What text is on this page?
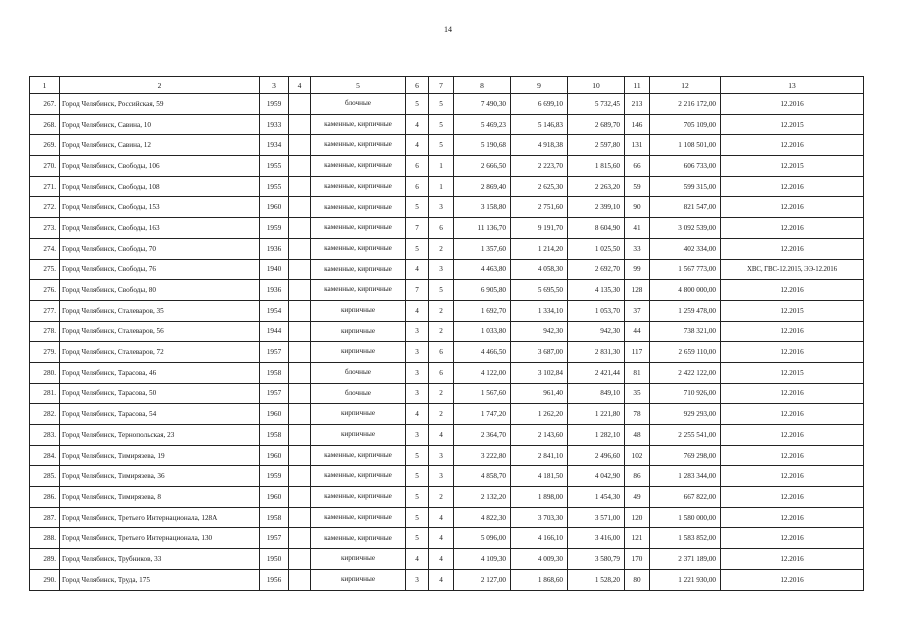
14
1	2	3	4	5	6	7	8	9	10	11	12	13
267.	Город Челябинск, Российская, 59	1959		блочные	5	5	7 490,30	6 699,10	5 732,45	213	2 216 172,00	12.2016
268.	Город Челябинск, Савина, 10	1933		каменные, кирпичные	4	5	5 469,23	5 146,83	2 689,70	146	705 109,00	12.2015
269.	Город Челябинск, Савина, 12	1934		каменные, кирпичные	4	5	5 190,68	4 918,38	2 597,80	131	1 108 501,00	12.2016
270.	Город Челябинск, Свободы, 106	1955		каменные, кирпичные	6	1	2 666,50	2 223,70	1 815,60	66	606 733,00	12.2015
271.	Город Челябинск, Свободы, 108	1955		каменные, кирпичные	6	1	2 869,40	2 625,30	2 263,20	59	599 315,00	12.2016
272.	Город Челябинск, Свободы, 153	1960		каменные, кирпичные	5	3	3 158,80	2 751,60	2 399,10	90	821 547,00	12.2016
273.	Город Челябинск, Свободы, 163	1959		каменные, кирпичные	7	6	11 136,70	9 191,70	8 604,90	41	3 092 539,00	12.2016
274.	Город Челябинск, Свободы, 70	1936		каменные, кирпичные	5	2	1 357,60	1 214,20	1 025,50	33	402 334,00	12.2016
275.	Город Челябинск, Свободы, 76	1940		каменные, кирпичные	4	3	4 463,80	4 058,30	2 692,70	99	1 567 773,00	ХВС, ГВС-12.2015, ЭЭ-12.2016
276.	Город Челябинск, Свободы, 80	1936		каменные, кирпичные	7	5	6 905,80	5 695,50	4 135,30	128	4 800 000,00	12.2016
277.	Город Челябинск, Сталеваров, 35	1954		кирпичные	4	2	1 692,70	1 334,10	1 053,70	37	1 259 478,00	12.2015
278.	Город Челябинск, Сталеваров, 56	1944		кирпичные	3	2	1 033,80	942,30	942,30	44	738 321,00	12.2016
279.	Город Челябинск, Сталеваров, 72	1957		кирпичные	3	6	4 466,50	3 687,00	2 831,30	117	2 659 110,00	12.2016
280.	Город Челябинск, Тарасова, 46	1958		блочные	3	6	4 122,00	3 102,84	2 421,44	81	2 422 122,00	12.2015
281.	Город Челябинск, Тарасова, 50	1957		блочные	3	2	1 567,60	961,40	849,10	35	710 926,00	12.2016
282.	Город Челябинск, Тарасова, 54	1960		кирпичные	4	2	1 747,20	1 262,20	1 221,80	78	929 293,00	12.2016
283.	Город Челябинск, Тернопольская, 23	1958		кирпичные	3	4	2 364,70	2 143,60	1 282,10	48	2 255 541,00	12.2016
284.	Город Челябинск, Тимирязева, 19	1960		каменные, кирпичные	5	3	3 222,80	2 841,10	2 496,60	102	769 298,00	12.2016
285.	Город Челябинск, Тимирязева, 36	1959		каменные, кирпичные	5	3	4 858,70	4 181,50	4 042,90	86	1 283 344,00	12.2016
286.	Город Челябинск, Тимирязева, 8	1960		каменные, кирпичные	5	2	2 132,20	1 898,00	1 454,30	49	667 822,00	12.2016
287.	Город Челябинск, Третьего Интернационала, 128А	1958		каменные, кирпичные	5	4	4 822,30	3 703,30	3 571,00	120	1 580 000,00	12.2016
288.	Город Челябинск, Третьего Интернационала, 130	1957		каменные, кирпичные	5	4	5 096,00	4 166,10	3 416,00	121	1 583 852,00	12.2016
289.	Город Челябинск, Трубников, 33	1950		кирпичные	4	4	4 109,30	4 009,30	3 580,79	170	2 371 189,00	12.2016
290.	Город Челябинск, Труда, 175	1956		кирпичные	3	4	2 127,00	1 868,60	1 528,20	80	1 221 930,00	12.2016
